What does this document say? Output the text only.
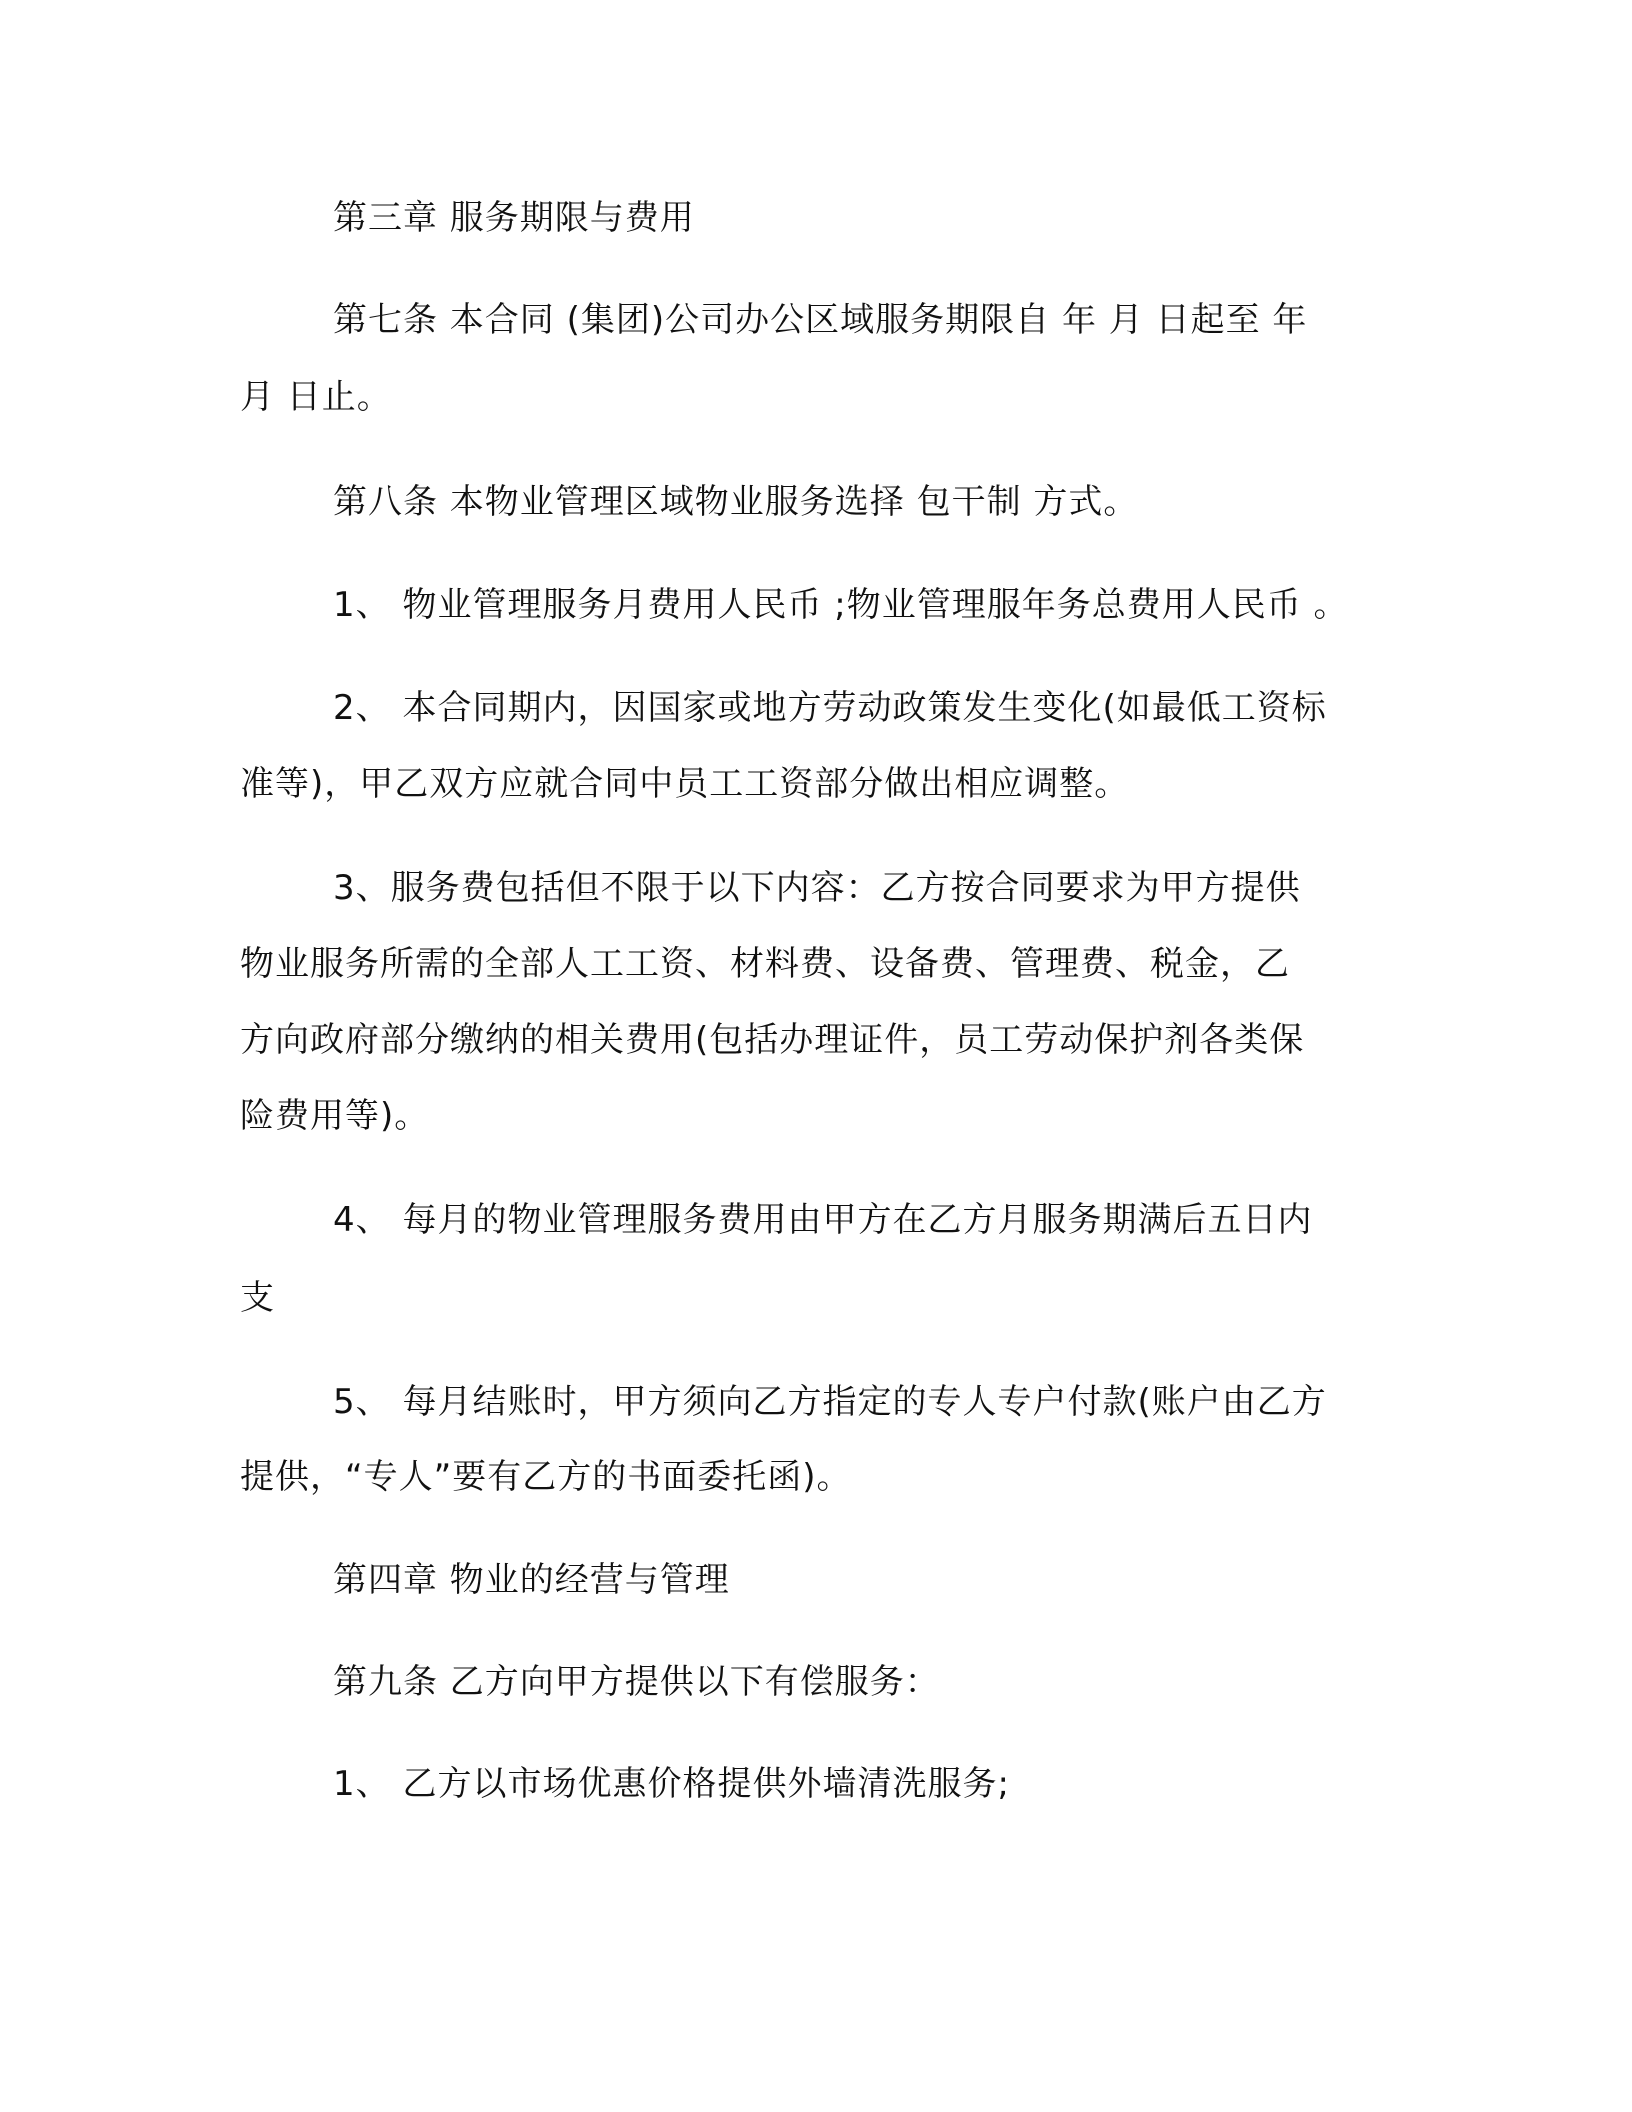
第三章 服务期限与费用
第七条 本合同 (集团)公司办公区域服务期限自 年 月 日起至 年
月 日止。
第八条 本物业管理区域物业服务选择 包干制 方式。
1、 物业管理服务月费用人民币 ;物业管理服年务总费用人民币 。
2、 本合同期内，因国家或地方劳动政策发生变化(如最低工资标
准等)，甲乙双方应就合同中员工工资部分做出相应调整。
3、服务费包括但不限于以下内容：乙方按合同要求为甲方提供
物业服务所需的全部人工工资、材料费、设备费、管理费、税金，乙
方向政府部分缴纳的相关费用(包括办理证件，员工劳动保护剂各类保
险费用等)。
4、 每月的物业管理服务费用由甲方在乙方月服务期满后五日内
支
5、 每月结账时，甲方须向乙方指定的专人专户付款(账户由乙方
提供，“专人”要有乙方的书面委托函)。
第四章 物业的经营与管理
第九条 乙方向甲方提供以下有偿服务：
1、 乙方以市场优惠价格提供外墙清洗服务;
